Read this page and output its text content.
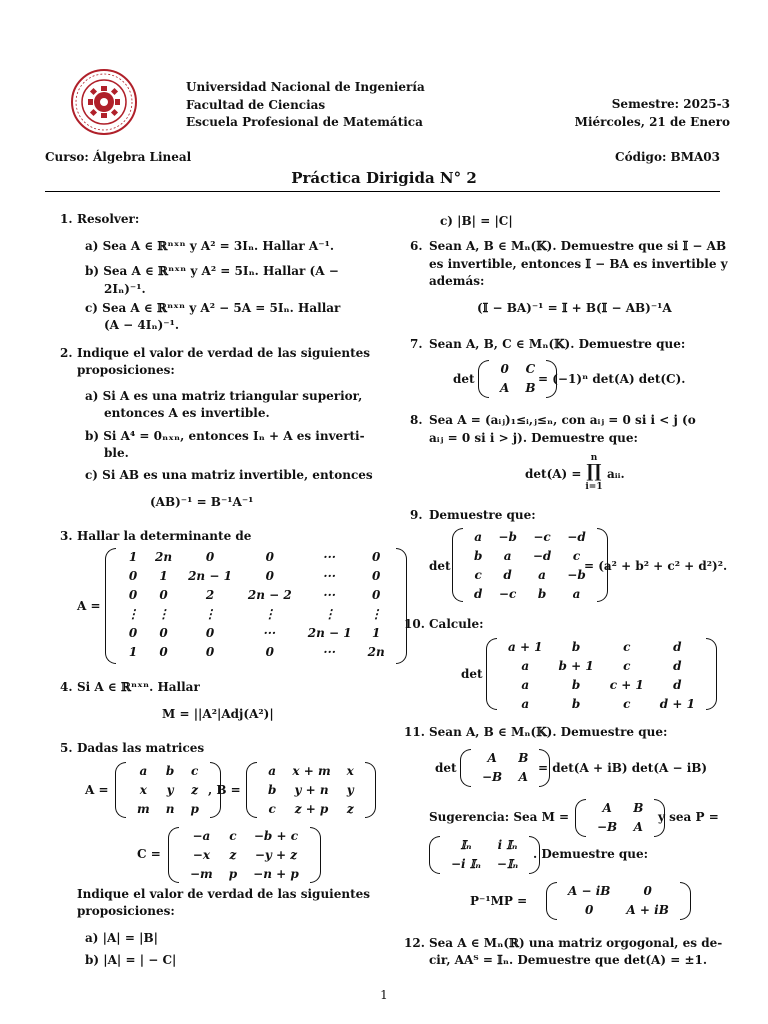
Universidad Nacional de Ingeniería
Facultad de Ciencias
Escuela Profesional de Matemática
Semestre: 2025-3
Miércoles, 21 de Enero
Curso: Álgebra Lineal	Código: BMA03
Práctica Dirigida N° 2
1. Resolver:
a) Sea A ∈ ℝⁿˣⁿ y A² = 3Iₙ. Hallar A⁻¹.
b) Sea A ∈ ℝⁿˣⁿ y A² = 5Iₙ. Hallar (A −
2Iₙ)⁻¹.
c) Sea A ∈ ℝⁿˣⁿ y A² − 5A = 5Iₙ. Hallar
(A − 4Iₙ)⁻¹.
2. Indique el valor de verdad de las siguientes
proposiciones:
a) Si A es una matriz triangular superior,
entonces A es invertible.
b) Si A⁴ = 0ₙₓₙ, entonces Iₙ + A es inverti-
ble.
c) Si AB es una matriz invertible, entonces
(AB)⁻¹ = B⁻¹A⁻¹
3. Hallar la determinante de
A =
1	2n	0	0	···	0
0	1	2n − 1	0	···	0
0	0	2	2n − 2	···	0
⋮	⋮	⋮	⋮	⋮	⋮
0	0	0	···	2n − 1	1
1	0	0	0	···	2n
4. Si A ∈ ℝⁿˣⁿ. Hallar
M = ||A²|Adj(A²)|
5. Dadas las matrices
A =
a	b	c
x	y	z
m	n	p
, B =
a	x + m	x
b	y + n	y
c	z + p	z
C =
−a	c	−b + c
−x	z	−y + z
−m	p	−n + p
Indique el valor de verdad de las siguientes
proposiciones:
a) |A| = |B|
b) |A| = | − C|
c) |B| = |C|
6. Sean A, B ∈ Mₙ(𝕂). Demuestre que si 𝕀 − AB
es invertible, entonces 𝕀 − BA es invertible y
además:
(𝕀 − BA)⁻¹ = 𝕀 + B(𝕀 − AB)⁻¹A
7. Sean A, B, C ∈ Mₙ(𝕂). Demuestre que:
det
0	C
A	B
= (−1)ⁿ det(A) det(C).
8. Sea A = (aᵢⱼ)₁≤ᵢ,ⱼ≤ₙ, con aᵢⱼ = 0 si i < j (o
aᵢⱼ = 0 si i > j). Demuestre que:
det(A) =
n
∏
i=1
aᵢᵢ.
9. Demuestre que:
det
a	−b	−c	−d
b	a	−d	c
c	d	a	−b
d	−c	b	a
= (a² + b² + c² + d²)².
10. Calcule:
det
a + 1	b	c	d
a	b + 1	c	d
a	b	c + 1	d
a	b	c	d + 1
11. Sean A, B ∈ Mₙ(𝕂). Demuestre que:
det
A	B
−B	A
= det(A + iB) det(A − iB)
Sugerencia: Sea M =
A	B
−B	A
y sea P =
𝕀ₙ	i 𝕀ₙ
−i 𝕀ₙ	−𝕀ₙ
. Demuestre que:
P⁻¹MP =
A − iB	0
0	A + iB
12. Sea A ∈ Mₙ(ℝ) una matriz orgogonal, es de-
cir, AAᵀ = 𝕀ₙ. Demuestre que det(A) = ±1.
1
